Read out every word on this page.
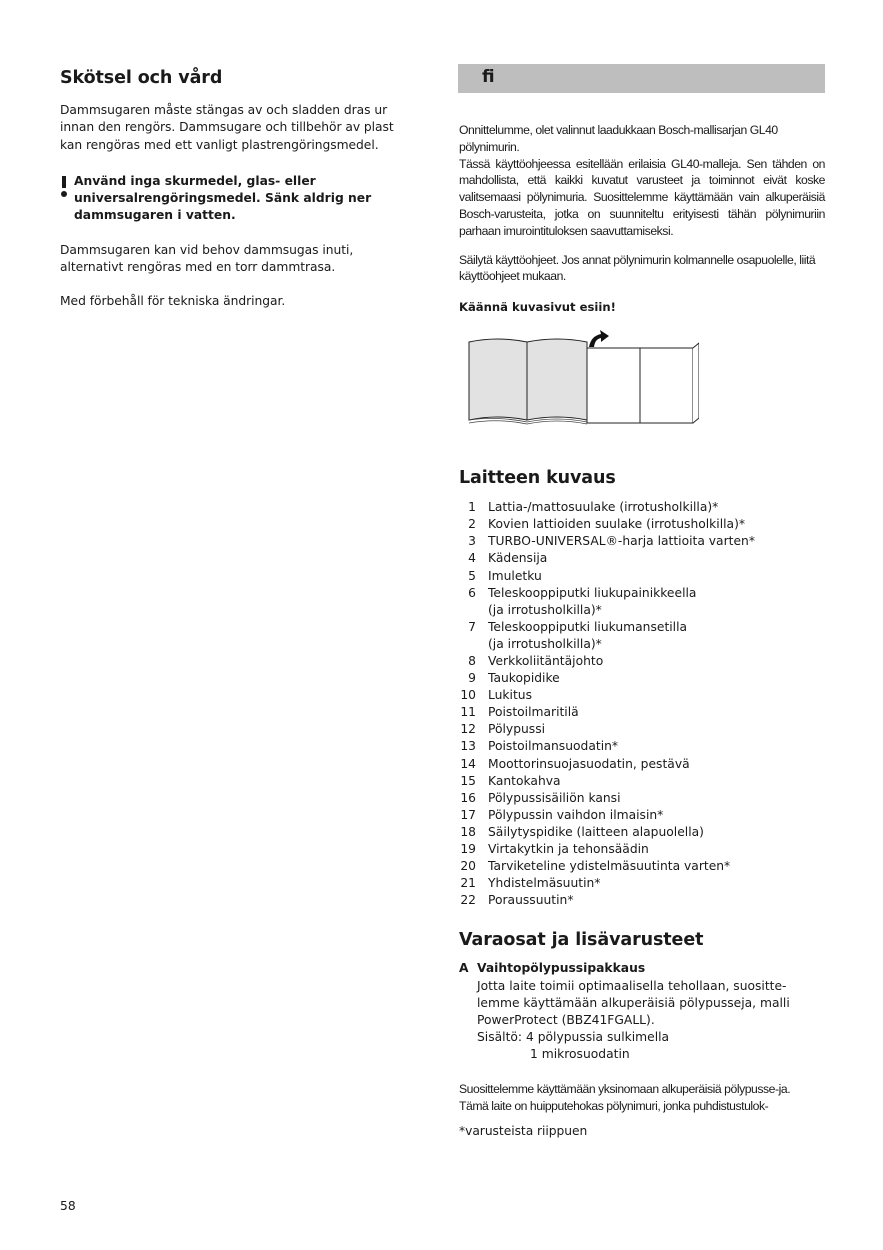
Skötsel och vård

Dammsugaren måste stängas av och sladden dras ur
innan den rengörs. Dammsugare och tillbehör av plast
kan rengöras med ett vanligt plastrengöringsmedel.

Använd inga skurmedel, glas- eller
universalrengöringsmedel. Sänk aldrig ner
dammsugaren i vatten.

Dammsugaren kan vid behov dammsugas inuti,
alternativt rengöras med en torr dammtrasa.

Med förbehåll för tekniska ändringar.

fi

Onnittelumme, olet valinnut laadukkaan Bosch-mallisarjan GL40 pölynimurin.

Tässä käyttöohjeessa esitellään erilaisia GL40-malleja. Sen tähden on mahdollista, että kaikki kuvatut varusteet ja toiminnot eivät koske valitsemaasi pölynimuria. Suosittelemme käyttämään vain alkuperäisiä Bosch-varusteita, jotka on suunniteltu erityisesti tähän pölynimuriin parhaan imurointituloksen saavuttamiseksi.

Säilytä käyttöohjeet. Jos annat pölynimurin kolmannelle osapuolelle, liitä käyttöohjeet mukaan.

Käännä kuvasivut esiin!
Laitteen kuvaus
1 Lattia-/mattosuulake (irrotusholkilla)*
2 Kovien lattioiden suulake (irrotusholkilla)*
3 TURBO-UNIVERSAL®-harja lattioita varten*
4 Kädensija
5 Imuletku
6 Teleskooppiputki liukupainikkeella
(ja irrotusholkilla)*
7 Teleskooppiputki liukumansetilla
(ja irrotusholkilla)*
8 Verkkoliitäntäjohto
9 Taukopidike
10 Lukitus
11 Poistoilmaritilä
12 Pölypussi
13 Poistoilmansuodatin*
14 Moottorinsuojasuodatin, pestävä
15 Kantokahva
16 Pölypussisäiliön kansi
17 Pölypussin vaihdon ilmaisin*
18 Säilytyspidike (laitteen alapuolella)
19 Virtakytkin ja tehonsäädin
20 Tarviketeline ydistelmäsuutinta varten*
21 Yhdistelmäsuutin*
22 Poraussuutin*
Varaosat ja lisävarusteet
A Vaihtopölypussipakkaus
Jotta laite toimii optimaalisella tehollaan, suositte-
lemme käyttämään alkuperäisiä pölypusseja, malli
PowerProtect (BBZ41FGALL).
Sisältö: 4 pölypussia sulkimella
1 mikrosuodatin

Suosittelemme käyttämään yksinomaan alkuperäisiä pölypusse-ja.

Tämä laite on huipputehokas pölynimuri, jonka puhdistustulok-

*varusteista riippuen

58
